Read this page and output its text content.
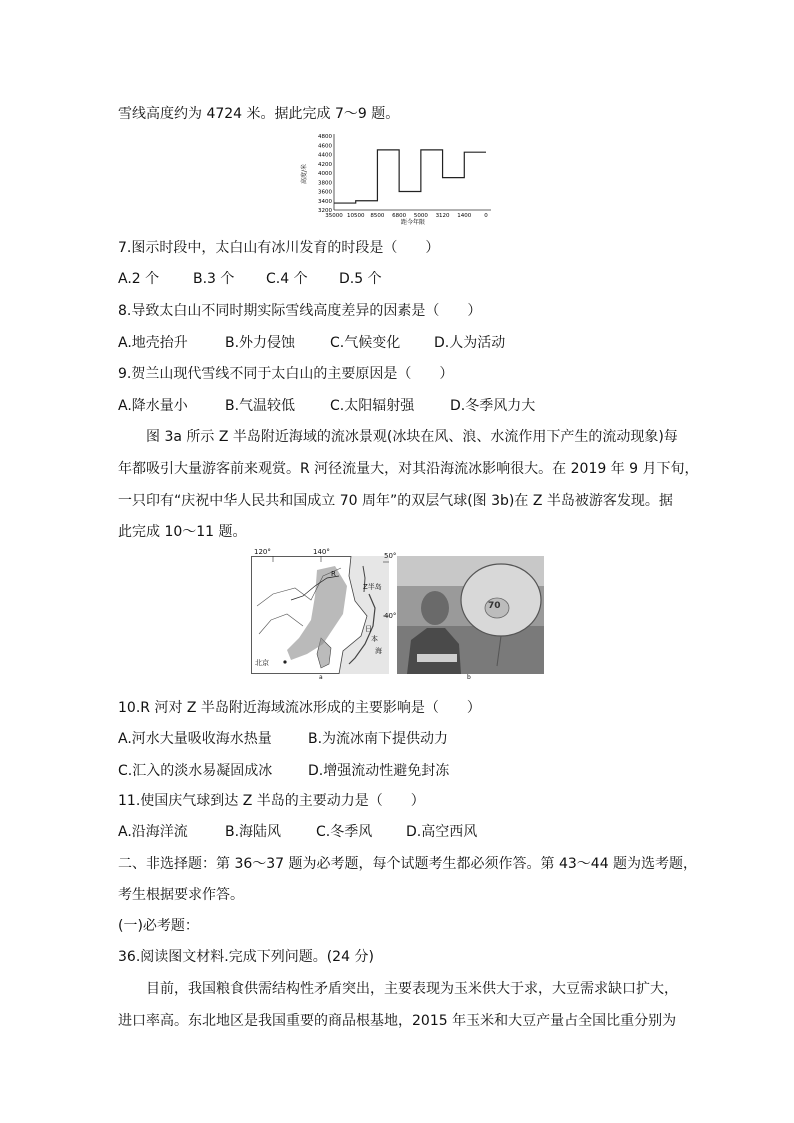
雪线高度约为 4724 米。据此完成 7～9 题。
高度/米
3200
3400
3600
3800
4000
4200
4400
4600
4800
35000 10500 8500 6800 5000 3120 1400 0
距今年限
7.图示时段中，太白山有冰川发育的时段是（　　）
A.2 个 B.3 个 C.4 个 D.5 个
8.导致太白山不同时期实际雪线高度差异的因素是（　　）
A.地壳抬升	B.外力侵蚀 C.气候变化 D.人为活动
9.贺兰山现代雪线不同于太白山的主要原因是（　　）
A.降水量小	B.气温较低 C.太阳辐射强	D.冬季风力大
图 3a 所示 Z 半岛附近海域的流冰景观(冰块在风、浪、水流作用下产生的流动现象)每
年都吸引大量游客前来观赏。R 河径流量大，对其沿海流冰影响很大。在 2019 年 9 月下旬，
一只印有“庆祝中华人民共和国成立 70 周年”的双层气球(图 3b)在 Z 半岛被游客发现。据
此完成 10～11 题。
120°	140°	50°
40°
R
Z半岛
日
本
海
北京
a
70
b
10.R 河对 Z 半岛附近海域流冰形成的主要影响是（　　）
A.河水大量吸收海水热量	B.为流冰南下提供动力
C.汇入的淡水易凝固成冰	D.增强流动性避免封冻
11.使国庆气球到达 Z 半岛的主要动力是（　　）
A.沿海洋流	B.海陆风 C.冬季风 D.高空西风
二、非选择题：第 36～37 题为必考题，每个试题考生都必须作答。第 43～44 题为选考题，
考生根据要求作答。
(一)必考题：
36.阅读图文材料.完成下列问题。(24 分)
目前，我国粮食供需结构性矛盾突出，主要表现为玉米供大于求，大豆需求缺口扩大，
进口率高。东北地区是我国重要的商品根基地，2015 年玉米和大豆产量占全国比重分别为
